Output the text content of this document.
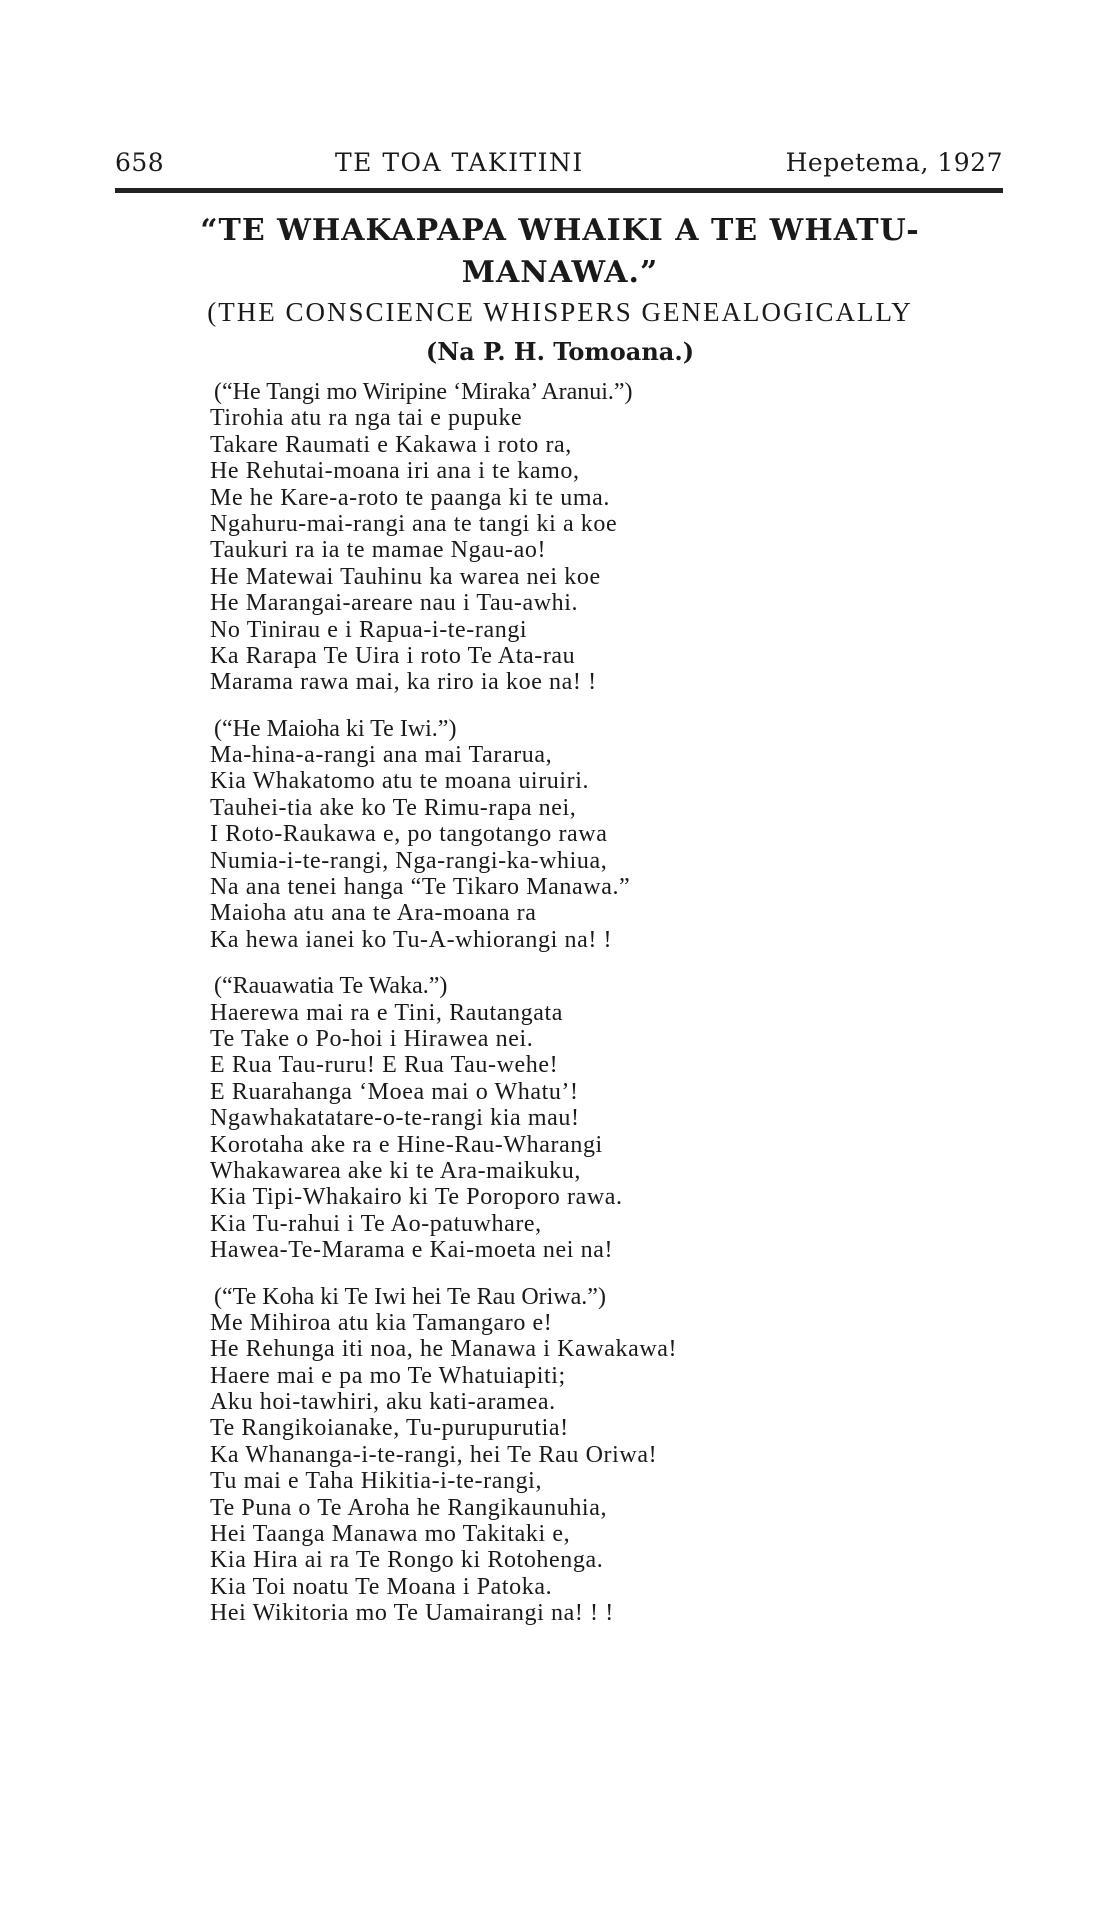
658	TE TOA TAKITINI	Hepetema, 1927
“TE WHAKAPAPA WHAIKI A TE WHATU-MANAWA.”
(THE CONSCIENCE WHISPERS GENEALOGICALLY
(Na P. H. Tomoana.)
(“He Tangi mo Wiripine ‘Miraka’ Aranui.”)
Tirohia atu ra nga tai e pupuke
Takare Raumati e Kakawa i roto ra,
He Rehutai-moana iri ana i te kamo,
Me he Kare-a-roto te paanga ki te uma.
Ngahuru-mai-rangi ana te tangi ki a koe
Taukuri ra ia te mamae Ngau-ao!
He Matewai Tauhinu ka warea nei koe
He Marangai-areare nau i Tau-awhi.
No Tinirau e i Rapua-i-te-rangi
Ka Rarapa Te Uira i roto Te Ata-rau
Marama rawa mai, ka riro ia koe na! !
(“He Maioha ki Te Iwi.”)
Ma-hina-a-rangi ana mai Tararua,
Kia Whakatomo atu te moana uiruiri.
Tauhei-tia ake ko Te Rimu-rapa nei,
I Roto-Raukawa e, po tangotango rawa
Numia-i-te-rangi, Nga-rangi-ka-whiua,
Na ana tenei hanga “Te Tikaro Manawa.”
Maioha atu ana te Ara-moana ra
Ka hewa ianei ko Tu-A-whiorangi na! !
(“Rauawatia Te Waka.”)
Haerewa mai ra e Tini, Rautangata
Te Take o Po-hoi i Hirawea nei.
E Rua Tau-ruru! E Rua Tau-wehe!
E Ruarahanga ‘Moea mai o Whatu’!
Ngawhakatatare-o-te-rangi kia mau!
Korotaha ake ra e Hine-Rau-Wharangi
Whakawarea ake ki te Ara-maikuku,
Kia Tipi-Whakairo ki Te Poroporo rawa.
Kia Tu-rahui i Te Ao-patuwhare,
Hawea-Te-Marama e Kai-moeta nei na!
(“Te Koha ki Te Iwi hei Te Rau Oriwa.”)
Me Mihiroa atu kia Tamangaro e!
He Rehunga iti noa, he Manawa i Kawakawa!
Haere mai e pa mo Te Whatuiapiti;
Aku hoi-tawhiri, aku kati-aramea.
Te Rangikoianake, Tu-purupurutia!
Ka Whananga-i-te-rangi, hei Te Rau Oriwa!
Tu mai e Taha Hikitia-i-te-rangi,
Te Puna o Te Aroha he Rangikaunuhia,
Hei Taanga Manawa mo Takitaki e,
Kia Hira ai ra Te Rongo ki Rotohenga.
Kia Toi noatu Te Moana i Patoka.
Hei Wikitoria mo Te Uamairangi na! ! !
